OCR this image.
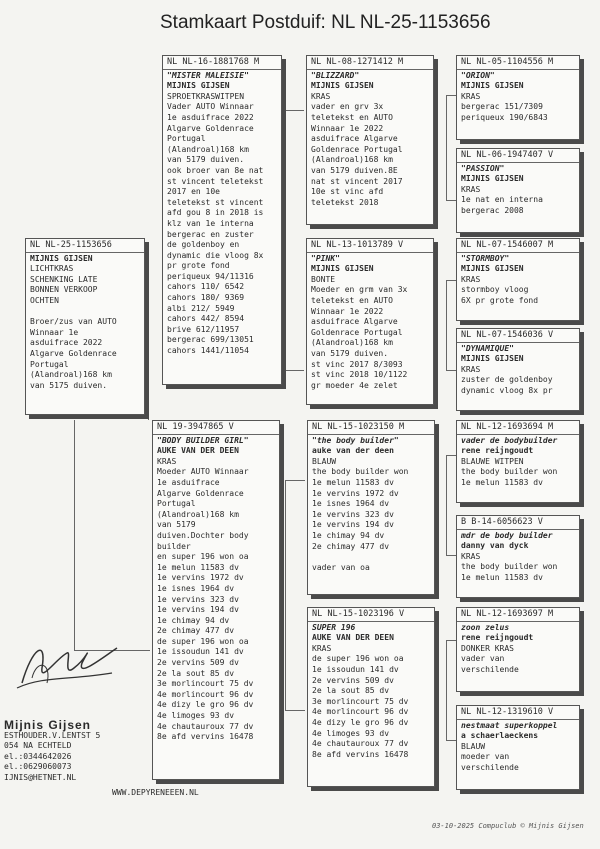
Stamkaart Postduif: NL NL-25-1153656
NL NL-25-1153656
MIJNIS GIJSEN
LICHTKRAS
SCHENKING LATE
BONNEN VERKOOP
OCHTEN

Broer/zus van AUTO
Winnaar 1e
asduifrace 2022
Algarve Goldenrace
Portugal
(Alandroal)168 km
van 5175 duiven.
NL NL-16-1881768 M
"MISTER MALEISIE"
MIJNIS GIJSEN
SPROETKRASWITPEN
Vader AUTO Winnaar
1e asduifrace 2022
Algarve Goldenrace
Portugal
(Alandroal)168 km
van 5179 duiven.
ook broer van 8e nat
st vincent teletekst
2017 en 10e
teletekst st vincent
afd gou 8 in 2018 is
klz van 1e interna
bergerac en zuster
de goldenboy en
dynamic die vloog 8x
pr grote fond
periqueux 94/11316
cahors 110/ 6542
cahors 180/ 9369
albi 212/ 5949
cahors 442/ 8594
brive 612/11957
bergerac 699/13051
cahors 1441/11054
NL 19-3947865 V
"BODY BUILDER GIRL"
AUKE VAN DER DEEN
KRAS
Moeder AUTO Winnaar
1e asduifrace
Algarve Goldenrace
Portugal
(Alandroal)168 km
van 5179
duiven.Dochter body
builder
en super 196 won oa
1e melun 11583 dv
1e vervins 1972 dv
1e isnes 1964 dv
1e vervins 323 dv
1e vervins 194 dv
1e chimay 94 dv
2e chimay 477 dv
de super 196 won oa
1e issoudun 141 dv
2e vervins 509 dv
2e la sout 85 dv
3e morlincourt 75 dv
4e morlincourt 96 dv
4e dizy le gro 96 dv
4e limoges 93 dv
4e chautauroux 77 dv
8e afd vervins 16478
NL NL-08-1271412 M
"BLIZZARD"
MIJNIS GIJSEN
KRAS
vader en grv 3x
teletekst en AUTO
Winnaar 1e 2022
asduifrace Algarve
Goldenrace Portugal
(Alandroal)168 km
van 5179 duiven.8E
nat st vincent 2017
10e st vinc afd
teletekst 2018
NL NL-13-1013789 V
"PINK"
MIJNIS GIJSEN
BONTE
Moeder en grm van 3x
teletekst en AUTO
Winnaar 1e 2022
asduifrace Algarve
Goldenrace Portugal
(Alandroal)168 km
van 5179 duiven.
st vinc 2017 8/3093
st vinc 2018 10/1122
gr moeder 4e zelet
NL NL-15-1023150 M
"the body builder"
auke van der deen
BLAUW
the body builder won
1e melun 11583 dv
1e vervins 1972 dv
1e isnes 1964 dv
1e vervins 323 dv
1e vervins 194 dv
1e chimay 94 dv
2e chimay 477 dv

vader van oa
NL NL-15-1023196 V
SUPER 196
AUKE VAN DER DEEN
KRAS
de super 196 won oa
1e issoudun 141 dv
2e vervins 509 dv
2e la sout 85 dv
3e morlincourt 75 dv
4e morlincourt 96 dv
4e dizy le gro 96 dv
4e limoges 93 dv
4e chautauroux 77 dv
8e afd vervins 16478
NL NL-05-1104556 M
"ORION"
MIJNIS GIJSEN
KRAS
bergerac 151/7309
periqueux 190/6843
NL NL-06-1947407 V
"PASSION"
MIJNIS GIJSEN
KRAS
1e nat en interna
bergerac 2008
NL NL-07-1546007 M
"STORMBOY"
MIJNIS GIJSEN
KRAS
stormboy vloog
6X pr grote fond
NL NL-07-1546036 V
"DYNAMIQUE"
MIJNIS GIJSEN
KRAS
zuster de goldenboy
dynamic vloog 8x pr
NL NL-12-1693694 M
vader de bodybuilder
rene reijngoudt
BLAUWE WITPEN
the body builder won
1e melun 11583 dv
B B-14-6056623 V
mdr de body builder
danny van dyck
KRAS
the body builder won
1e melun 11583 dv
NL NL-12-1693697 M
zoon zelus
rene reijngoudt
DONKER KRAS
vader van
verschilende
NL NL-12-1319610 V
nestmaat superkoppel
a schaerlaeckens
BLAUW
moeder van
verschilende
Mijnis Gijsen
ESTHOUDER.V.LENTST 5
054 NA ECHTELD
el.:0344642026
el.:0629060073
IJNIS@HETNET.NL
WWW.DEPYRENEEEN.NL
03-10-2025 Compuclub © Mijnis Gijsen
